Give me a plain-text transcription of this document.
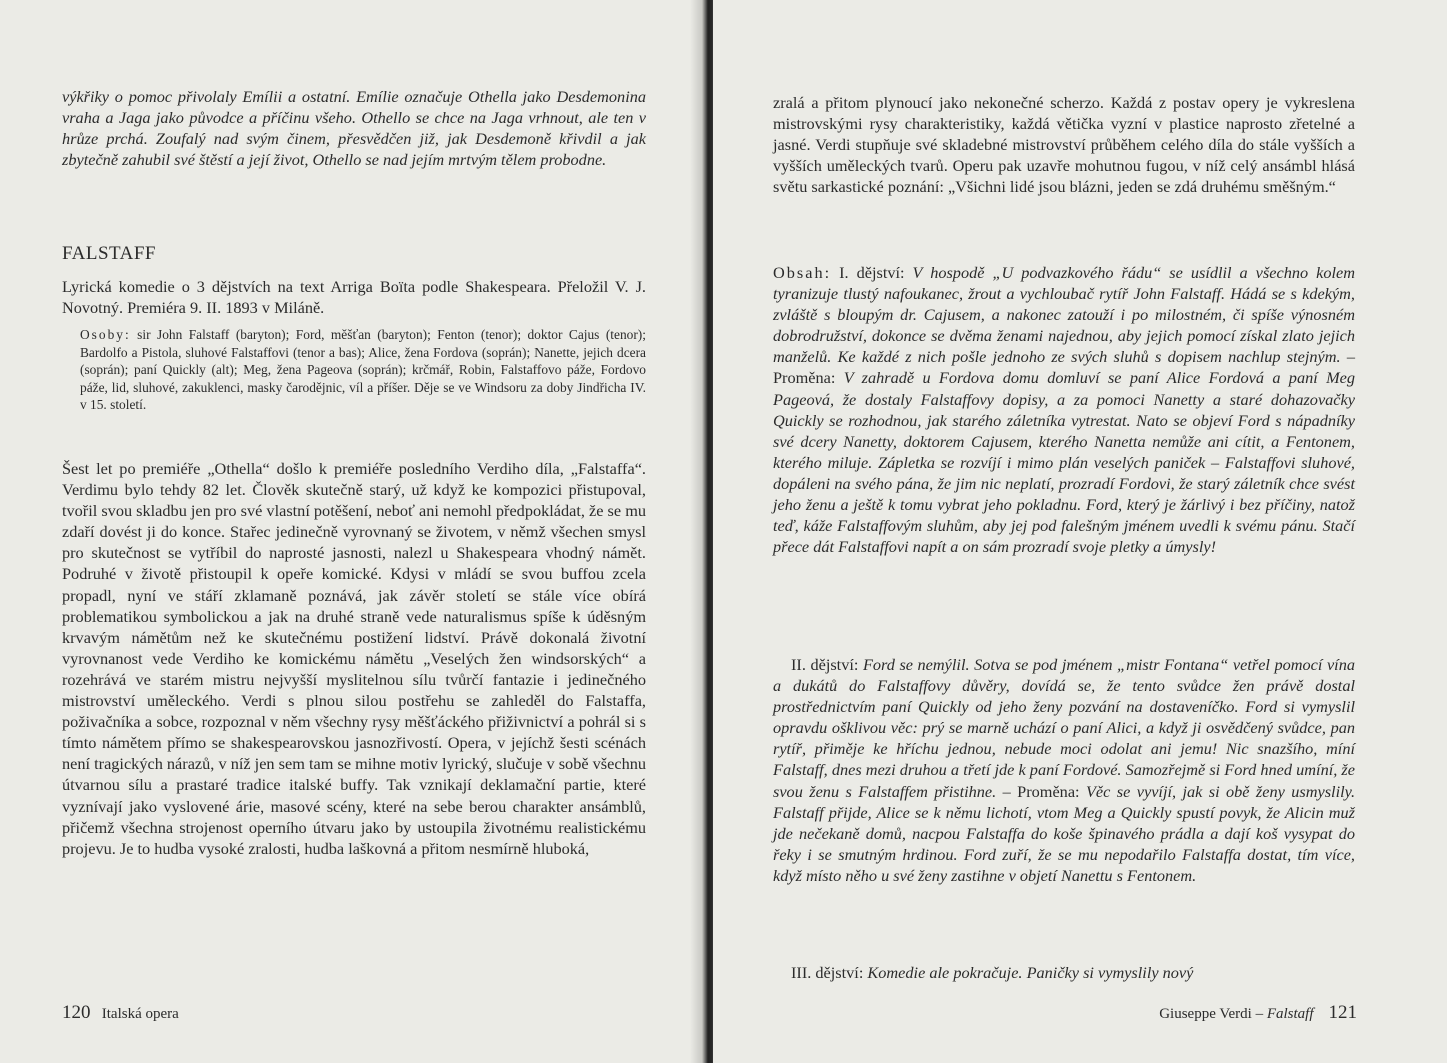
výkřiky o pomoc přivolaly Emílii a ostatní. Emílie označuje Othella jako Desdemonina vraha a Jaga jako původce a příčinu všeho. Othello se chce na Jaga vrhnout, ale ten v hrůze prchá. Zoufalý nad svým činem, přesvědčen již, jak Desdemoně křivdil a jak zbytečně zahubil své štěstí a její život, Othello se nad jejím mrtvým tělem probodne.
FALSTAFF
Lyrická komedie o 3 dějstvích na text Arriga Boïta podle Shakespeara. Přeložil V. J. Novotný. Premiéra 9. II. 1893 v Miláně.
Osoby: sir John Falstaff (baryton); Ford, měšťan (baryton); Fenton (tenor); doktor Cajus (tenor); Bardolfo a Pistola, sluhové Falstaffovi (tenor a bas); Alice, žena Fordova (soprán); Nanette, jejich dcera (soprán); paní Quickly (alt); Meg, žena Pageova (soprán); krčmář, Robin, Falstaffovo páže, Fordovo páže, lid, sluhové, zakuklenci, masky čarodějnic, víl a příšer. Děje se ve Windsoru za doby Jindřicha IV. v 15. století.
Šest let po premiéře „Othella“ došlo k premiéře posledního Verdiho díla, „Falstaffa“. Verdimu bylo tehdy 82 let. Člověk skutečně starý, už když ke kompozici přistupoval, tvořil svou skladbu jen pro své vlastní potěšení, neboť ani nemohl předpokládat, že se mu zdaří dovést ji do konce. Stařec jedinečně vyrovnaný se životem, v němž všechen smysl pro skutečnost se vytříbil do naprosté jasnosti, nalezl u Shakespeara vhodný námět. Podruhé v životě přistoupil k opeře komické. Kdysi v mládí se svou buffou zcela propadl, nyní ve stáří zklamaně poznává, jak závěr století se stále více obírá problematikou symbolickou a jak na druhé straně vede naturalismus spíše k úděsným krvavým námětům než ke skutečnému postižení lidství. Právě dokonalá životní vyrovnanost vede Verdiho ke komickému námětu „Veselých žen windsorských“ a rozehrává ve starém mistru nejvyšší myslitelnou sílu tvůrčí fantazie i jedinečného mistrovství uměleckého. Verdi s plnou silou postřehu se zahleděl do Falstaffa, poživačníka a sobce, rozpoznal v něm všechny rysy měšťáckého přiživnictví a pohrál si s tímto námětem přímo se shakespearovskou jasnozřivostí. Opera, v jejíchž šesti scénách není tragických nárazů, v níž jen sem tam se mihne motiv lyrický, slučuje v sobě všechnu útvarnou sílu a prastaré tradice italské buffy. Tak vznikají deklamační partie, které vyznívají jako vyslovené árie, masové scény, které na sebe berou charakter ansámblů, přičemž všechna strojenost operního útvaru jako by ustoupila životnému realistickému projevu. Je to hudba vysoké zralosti, hudba laškovná a přitom nesmírně hluboká,
120 Italská opera
zralá a přitom plynoucí jako nekonečné scherzo. Každá z postav opery je vykreslena mistrovskými rysy charakteristiky, každá větička vyzní v plastice naprosto zřetelné a jasné. Verdi stupňuje své skladebné mistrovství průběhem celého díla do stále vyšších a vyšších uměleckých tvarů. Operu pak uzavře mohutnou fugou, v níž celý ansámbl hlásá světu sarkastické poznání: „Všichni lidé jsou blázni, jeden se zdá druhému směšným.“
Obsah: I. dějství: V hospodě „U podvazkového řádu“ se usídlil a všechno kolem tyranizuje tlustý nafoukanec, žrout a vychloubač rytíř John Falstaff. Hádá se s kdekým, zvláště s bloupým dr. Cajusem, a nakonec zatouží i po milostném, či spíše výnosném dobrodružství, dokonce se dvěma ženami najednou, aby jejich pomocí získal zlato jejich manželů. Ke každé z nich pošle jednoho ze svých sluhů s dopisem nachlup stejným. – Proměna: V zahradě u Fordova domu domluví se paní Alice Fordová a paní Meg Pageová, že dostaly Falstaffovy dopisy, a za pomoci Nanetty a staré dohazovačky Quickly se rozhodnou, jak starého záletníka vytrestat. Nato se objeví Ford s nápadníky své dcery Nanetty, doktorem Cajusem, kterého Nanetta nemůže ani cítit, a Fentonem, kterého miluje. Zápletka se rozvíjí i mimo plán veselých paniček – Falstaffovi sluhové, dopáleni na svého pána, že jim nic neplatí, prozradí Fordovi, že starý záletník chce svést jeho ženu a ještě k tomu vybrat jeho pokladnu. Ford, který je žárlivý i bez příčiny, natož teď, káže Falstaffovým sluhům, aby jej pod falešným jménem uvedli k svému pánu. Stačí přece dát Falstaffovi napít a on sám prozradí svoje pletky a úmysly!
II. dějství: Ford se nemýlil. Sotva se pod jménem „mistr Fontana“ vetřel pomocí vína a dukátů do Falstaffovy důvěry, dovídá se, že tento svůdce žen právě dostal prostřednictvím paní Quickly od jeho ženy pozvání na dostaveníčko. Ford si vymyslil opravdu ošklivou věc: prý se marně uchází o paní Alici, a když ji osvědčený svůdce, pan rytíř, přiměje ke hříchu jednou, nebude moci odolat ani jemu! Nic snazšího, míní Falstaff, dnes mezi druhou a třetí jde k paní Fordové. Samozřejmě si Ford hned umíní, že svou ženu s Falstaffem přistihne. – Proměna: Věc se vyvíjí, jak si obě ženy usmyslily. Falstaff přijde, Alice se k němu lichotí, vtom Meg a Quickly spustí povyk, že Alicin muž jde nečekaně domů, nacpou Falstaffa do koše špinavého prádla a dají koš vysypat do řeky i se smutným hrdinou. Ford zuří, že se mu nepodařilo Falstaffa dostat, tím více, když místo něho u své ženy zastihne v objetí Nanettu s Fentonem.
III. dějství: Komedie ale pokračuje. Paničky si vymyslily nový
Giuseppe Verdi – Falstaff 121
